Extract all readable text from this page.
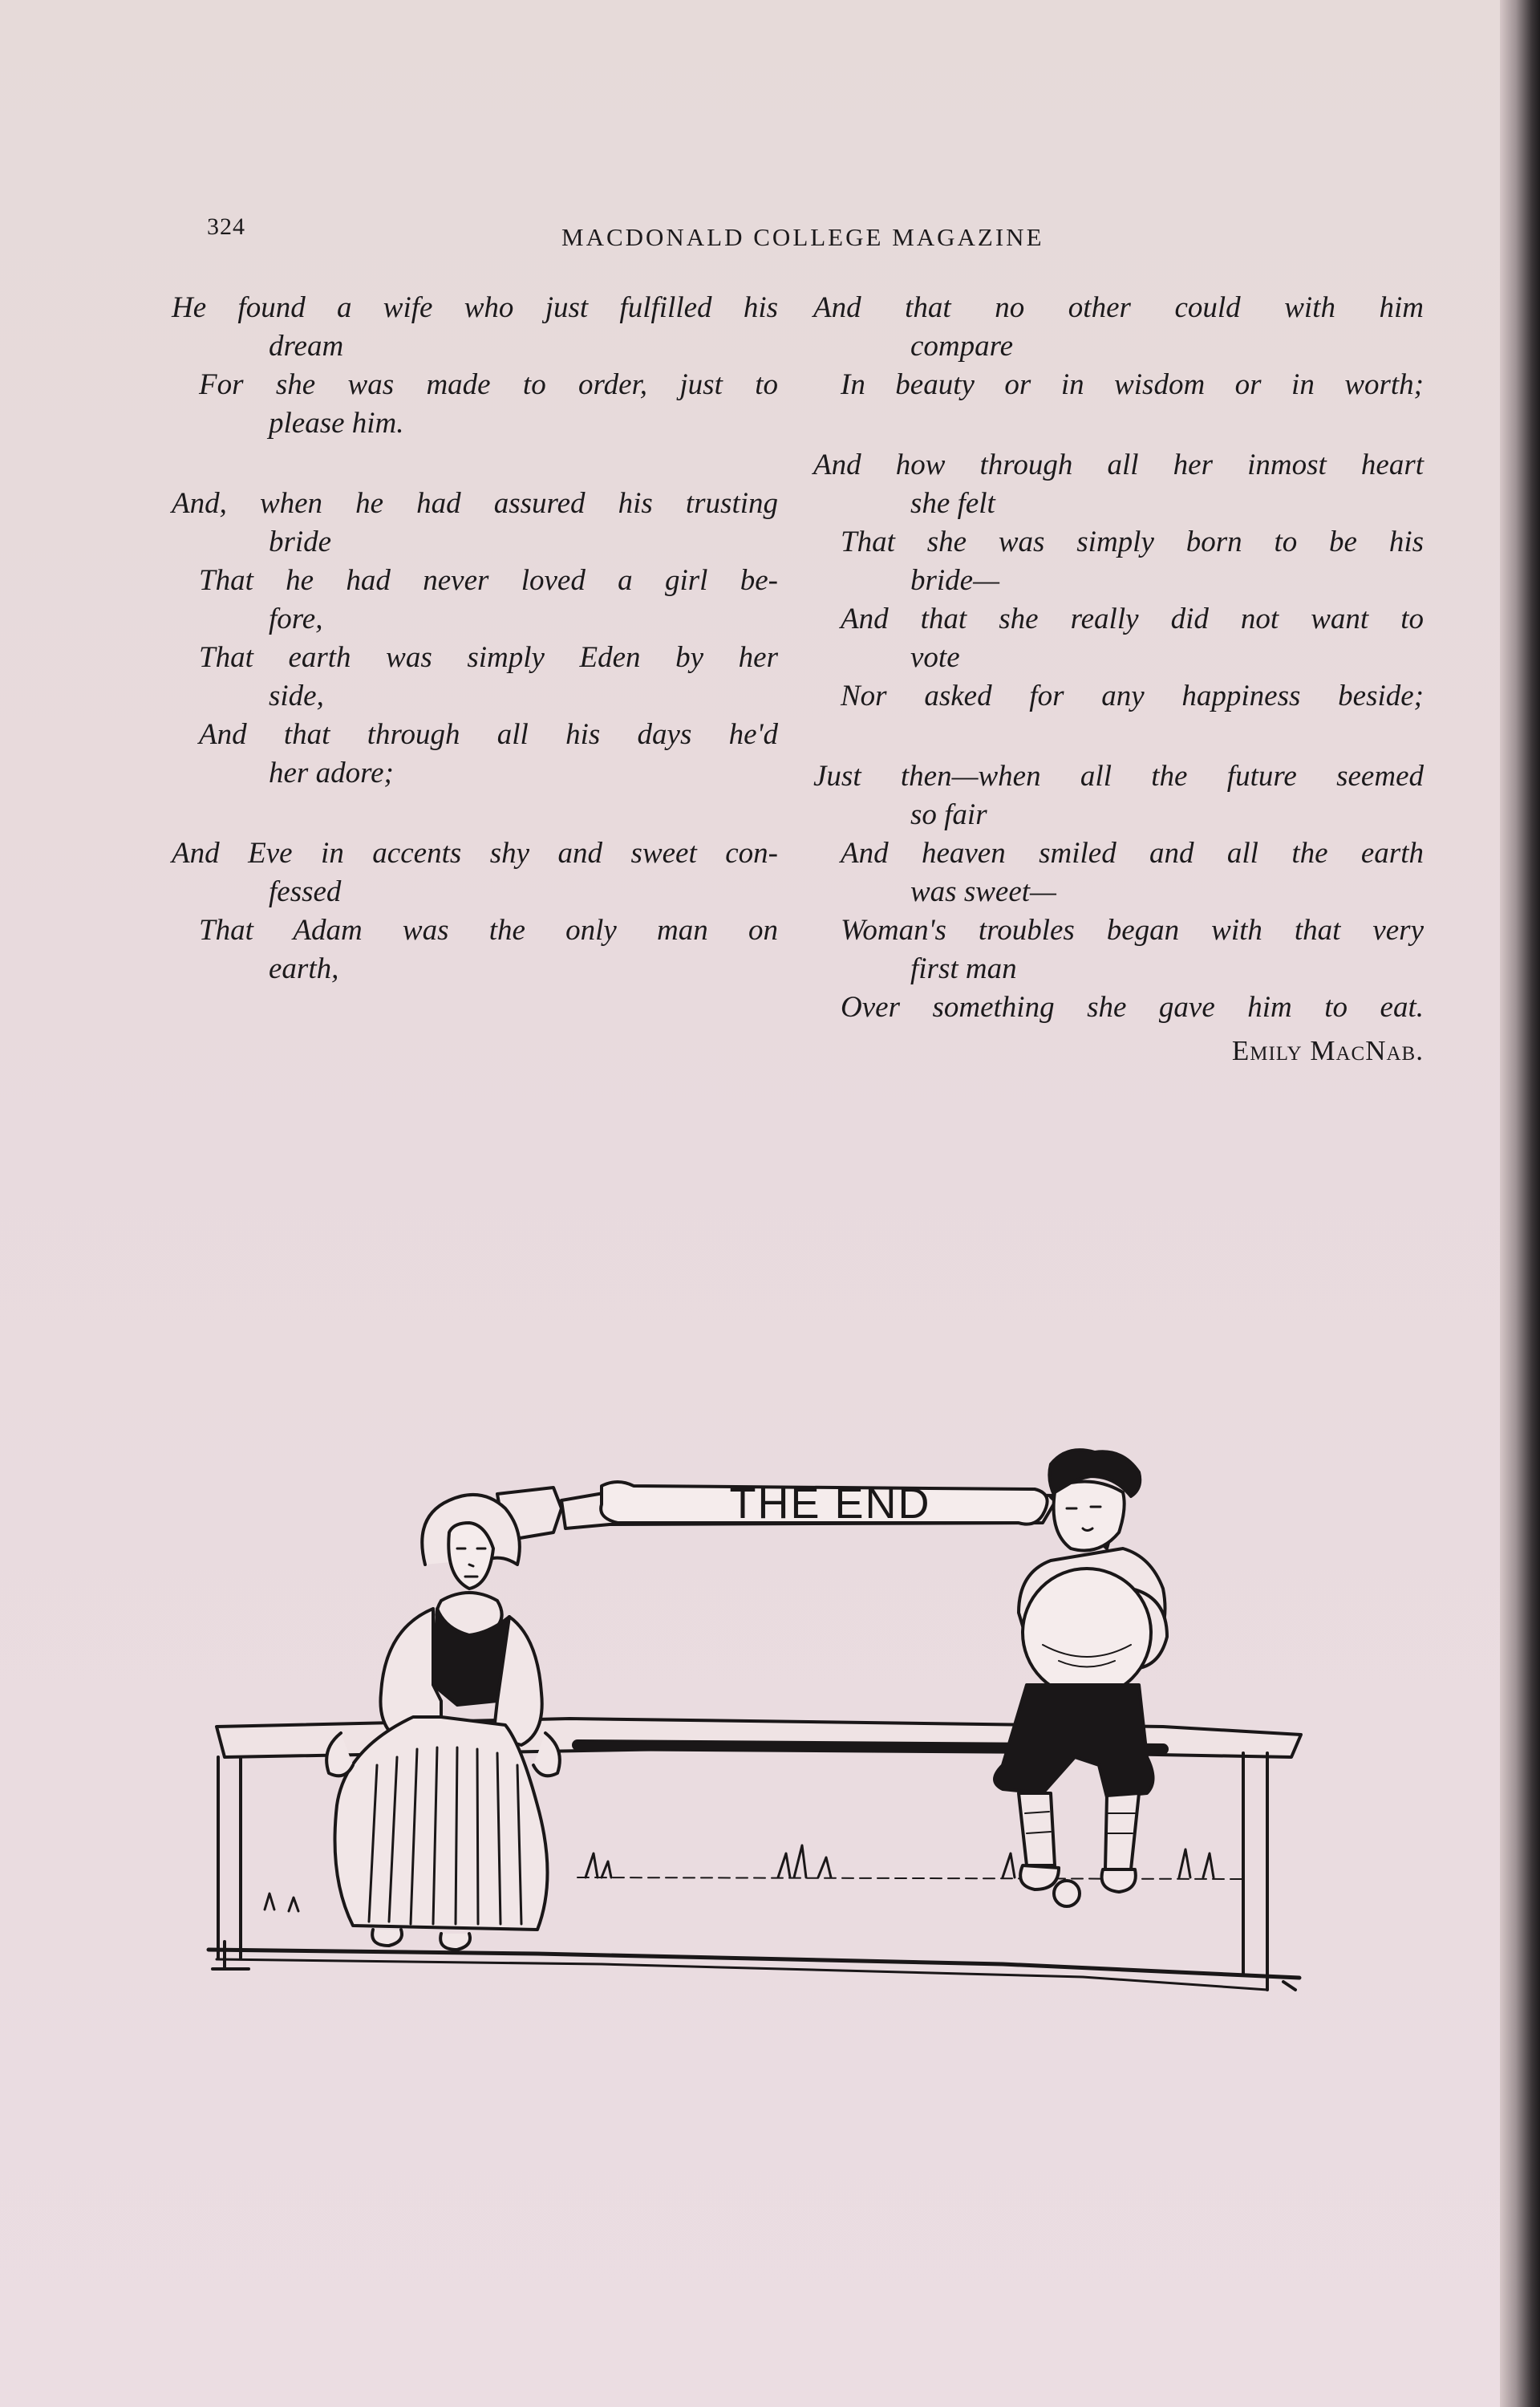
324	MACDONALD COLLEGE MAGAZINE
He found a wife who just fulfilled his
dream
For she was made to order, just to
please him.
And, when he had assured his trusting
bride
That he had never loved a girl be-
fore,
That earth was simply Eden by her
side,
And that through all his days he'd
her adore;
And Eve in accents shy and sweet con-
fessed
That Adam was the only man on
earth,
And that no other could with him
compare
In beauty or in wisdom or in worth;
And how through all her inmost heart
she felt
That she was simply born to be his
bride—
And that she really did not want to
vote
Nor asked for any happiness beside;
Just then—when all the future seemed
so fair
And heaven smiled and all the earth
was sweet—
Woman's troubles began with that very
first man
Over something she gave him to eat.
Emily MacNab.
THE END
